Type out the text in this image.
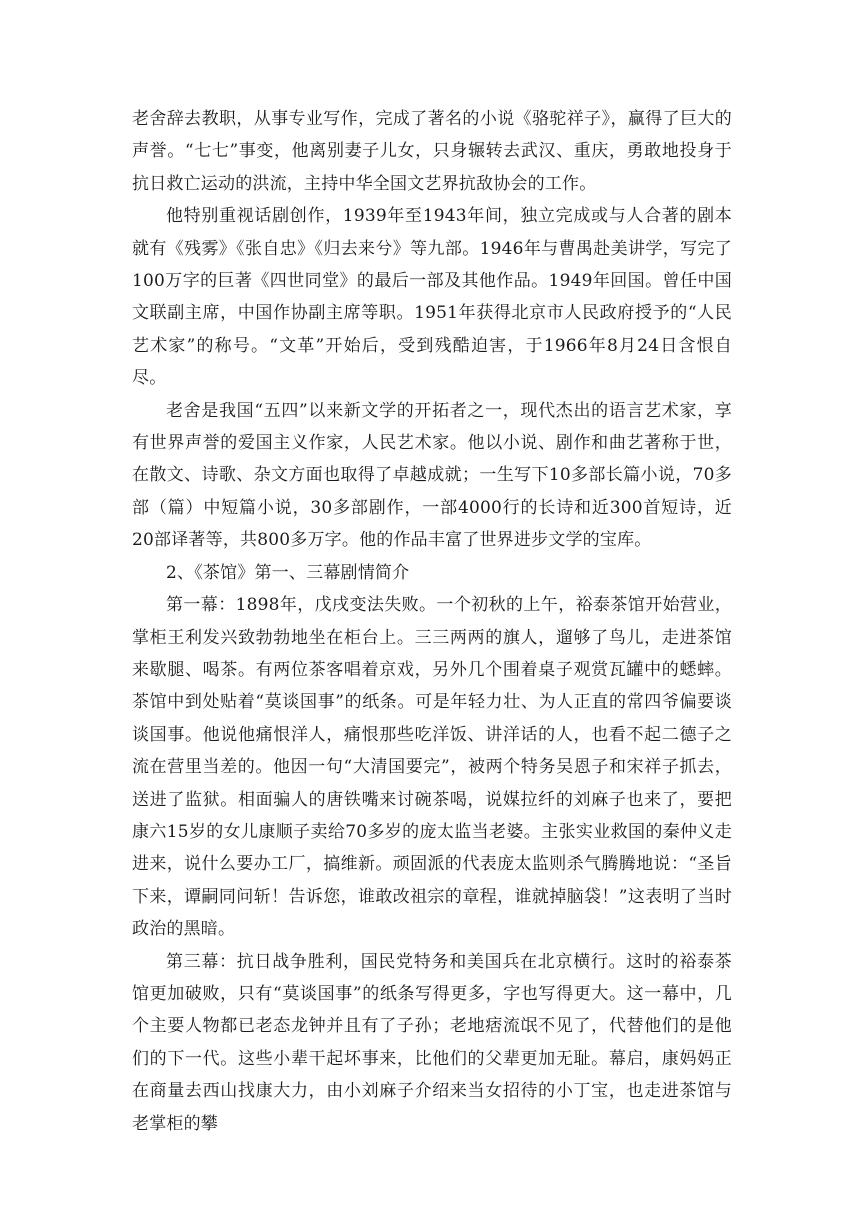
老舍辞去教职，从事专业写作，完成了著名的小说《骆驼祥子》，赢得了巨大的声誉。“七七”事变，他离别妻子儿女，只身辗转去武汉、重庆，勇敢地投身于抗日救亡运动的洪流，主持中华全国文艺界抗敌协会的工作。

他特别重视话剧创作，1939年至1943年间，独立完成或与人合著的剧本就有《残雾》《张自忠》《归去来兮》等九部。1946年与曹禺赴美讲学，写完了100万字的巨著《四世同堂》的最后一部及其他作品。1949年回国。曾任中国文联副主席，中国作协副主席等职。1951年获得北京市人民政府授予的“人民艺术家”的称号。“文革”开始后，受到残酷迫害，于1966年8月24日含恨自尽。

老舍是我国“五四”以来新文学的开拓者之一，现代杰出的语言艺术家，享有世界声誉的爱国主义作家，人民艺术家。他以小说、剧作和曲艺著称于世，在散文、诗歌、杂文方面也取得了卓越成就；一生写下10多部长篇小说，70多部（篇）中短篇小说，30多部剧作，一部4000行的长诗和近300首短诗，近20部译著等，共800多万字。他的作品丰富了世界进步文学的宝库。

2、《茶馆》第一、三幕剧情简介

第一幕：1898年，戊戌变法失败。一个初秋的上午，裕泰茶馆开始营业，掌柜王利发兴致勃勃地坐在柜台上。三三两两的旗人，遛够了鸟儿，走进茶馆来歇腿、喝茶。有两位茶客唱着京戏，另外几个围着桌子观赏瓦罐中的蟋蟀。茶馆中到处贴着“莫谈国事”的纸条。可是年轻力壮、为人正直的常四爷偏要谈谈国事。他说他痛恨洋人，痛恨那些吃洋饭、讲洋话的人，也看不起二德子之流在营里当差的。他因一句“大清国要完”，被两个特务吴恩子和宋祥子抓去，送进了监狱。相面骗人的唐铁嘴来讨碗茶喝，说媒拉纤的刘麻子也来了，要把康六15岁的女儿康顺子卖给70多岁的庞太监当老婆。主张实业救国的秦仲义走进来，说什么要办工厂，搞维新。顽固派的代表庞太监则杀气腾腾地说：“圣旨下来，谭嗣同问斩！告诉您，谁敢改祖宗的章程，谁就掉脑袋！”这表明了当时政治的黑暗。

第三幕：抗日战争胜利，国民党特务和美国兵在北京横行。这时的裕泰茶馆更加破败，只有“莫谈国事”的纸条写得更多，字也写得更大。这一幕中，几个主要人物都已老态龙钟并且有了子孙；老地痞流氓不见了，代替他们的是他们的下一代。这些小辈干起坏事来，比他们的父辈更加无耻。幕启，康妈妈正在商量去西山找康大力，由小刘麻子介绍来当女招待的小丁宝，也走进茶馆与老掌柜的攀
